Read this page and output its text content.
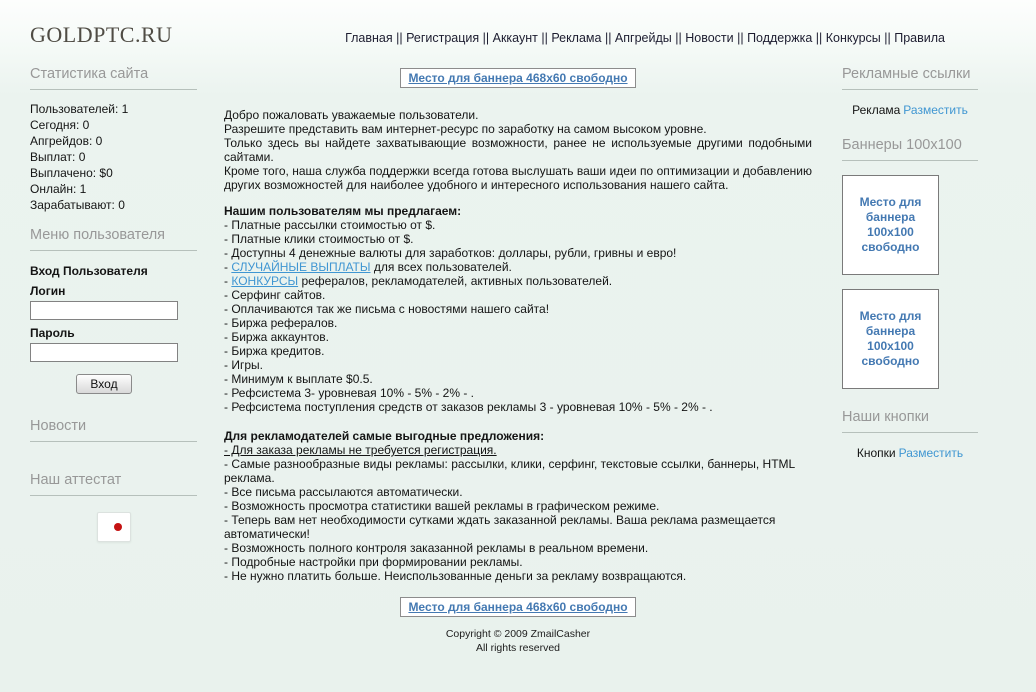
GOLDPTC.RU	Главная || Регистрация || Аккаунт || Реклама || Апгрейды || Новости || Поддержка || Конкурсы || Правила
Статистика сайта
Пользователей: 1
Сегодня: 0
Апгрейдов: 0
Выплат: 0
Выплачено: $0
Онлайн: 1
Зарабатывают: 0
Меню пользователя
Вход Пользователя
Логин
Пароль
Вход
Новости
Наш аттестат
Место для баннера 468x60 свободно
Добро пожаловать уважаемые пользователи.
Разрешите представить вам интернет-ресурс по заработку на самом высоком уровне.
Только здесь вы найдете захватывающие возможности, ранее не используемые другими подобными сайтами.
Кроме того, наша служба поддержки всегда готова выслушать ваши идеи по оптимизации и добавлению других возможностей для наиболее удобного и интересного использования нашего сайта.
Нашим пользователям мы предлагаем:
- Платные рассылки стоимостью от $.
- Платные клики стоимостью от $.
- Доступны 4 денежные валюты для заработков: доллары, рубли, гривны и евро!
- СЛУЧАЙНЫЕ ВЫПЛАТЫ для всех пользователей.
- КОНКУРСЫ рефералов, рекламодателей, активных пользователей.
- Серфинг сайтов.
- Оплачиваются так же письма с новостями нашего сайта!
- Биржа рефералов.
- Биржа аккаунтов.
- Биржа кредитов.
- Игры.
- Минимум к выплате $0.5.
- Рефсистема 3- уровневая 10% - 5% - 2% - .
- Рефсистема поступления средств от заказов рекламы 3 - уровневая 10% - 5% - 2% - .
Для рекламодателей самые выгодные предложения:
- Для заказа рекламы не требуется регистрация.
- Самые разнообразные виды рекламы: рассылки, клики, серфинг, текстовые ссылки, баннеры, HTML реклама.
- Все письма рассылаются автоматически.
- Возможность просмотра статистики вашей рекламы в графическом режиме.
- Теперь вам нет необходимости сутками ждать заказанной рекламы. Ваша реклама размещается автоматически!
- Возможность полного контроля заказанной рекламы в реальном времени.
- Подробные настройки при формировании рекламы.
- Не нужно платить больше. Неиспользованные деньги за рекламу возвращаются.
Место для баннера 468x60 свободно
Copyright © 2009 ZmailCasher
All rights reserved
Рекламные ссылки
Реклама Разместить
Баннеры 100x100
Место для баннера 100x100 свободно
Место для баннера 100x100 свободно
Наши кнопки
Кнопки Разместить
